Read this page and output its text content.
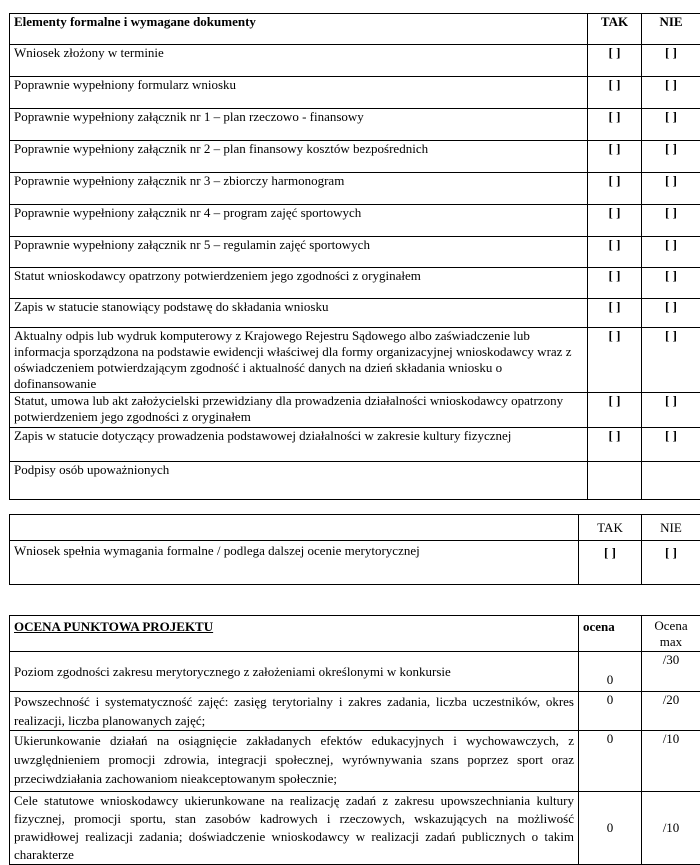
Elementy formalne i wymagane dokumenty	TAK	NIE
Wniosek złożony w terminie	[ ]	[ ]
Poprawnie wypełniony formularz wniosku	[ ]	[ ]
Poprawnie wypełniony załącznik nr 1 – plan rzeczowo - finansowy	[ ]	[ ]
Poprawnie wypełniony załącznik nr 2 – plan finansowy kosztów bezpośrednich	[ ]	[ ]
Poprawnie wypełniony załącznik nr 3 – zbiorczy harmonogram	[ ]	[ ]
Poprawnie wypełniony załącznik nr 4 – program zajęć sportowych	[ ]	[ ]
Poprawnie wypełniony załącznik nr 5 – regulamin zajęć sportowych	[ ]	[ ]
Statut wnioskodawcy opatrzony potwierdzeniem jego zgodności z oryginałem	[ ]	[ ]
Zapis w statucie stanowiący podstawę do składania wniosku	[ ]	[ ]
Aktualny odpis lub wydruk komputerowy z Krajowego Rejestru Sądowego albo zaświadczenie lub informacja sporządzona na podstawie ewidencji właściwej dla formy organizacyjnej wnioskodawcy wraz z oświadczeniem potwierdzającym zgodność i aktualność danych na dzień składania wniosku o dofinansowanie	[ ]	[ ]
Statut, umowa lub akt założycielski przewidziany dla prowadzenia działalności wnioskodawcy opatrzony potwierdzeniem jego zgodności z oryginałem	[ ]	[ ]
Zapis w statucie dotyczący prowadzenia podstawowej działalności w zakresie kultury fizycznej	[ ]	[ ]
Podpisy osób upoważnionych		
	TAK	NIE
Wniosek spełnia wymagania formalne / podlega dalszej ocenie merytorycznej	[ ]	[ ]
OCENA PUNKTOWA PROJEKTU	ocena	Ocena max
Poziom zgodności zakresu merytorycznego z założeniami określonymi w konkursie	0	/30
Powszechność i systematyczność zajęć: zasięg terytorialny i zakres zadania, liczba uczestników, okres realizacji, liczba planowanych zajęć;	0	/20
Ukierunkowanie działań na osiągnięcie zakładanych efektów edukacyjnych i wychowawczych, z uwzględnieniem promocji zdrowia, integracji społecznej, wyrównywania szans poprzez sport oraz przeciwdziałania zachowaniom nieakceptowanym społecznie;	0	/10
Cele statutowe wnioskodawcy ukierunkowane na realizację zadań z zakresu upowszechniania kultury fizycznej, promocji sportu, stan zasobów kadrowych i rzeczowych, wskazujących na możliwość prawidłowej realizacji zadania; doświadczenie wnioskodawcy w realizacji zadań publicznych o takim charakterze	0	/10
